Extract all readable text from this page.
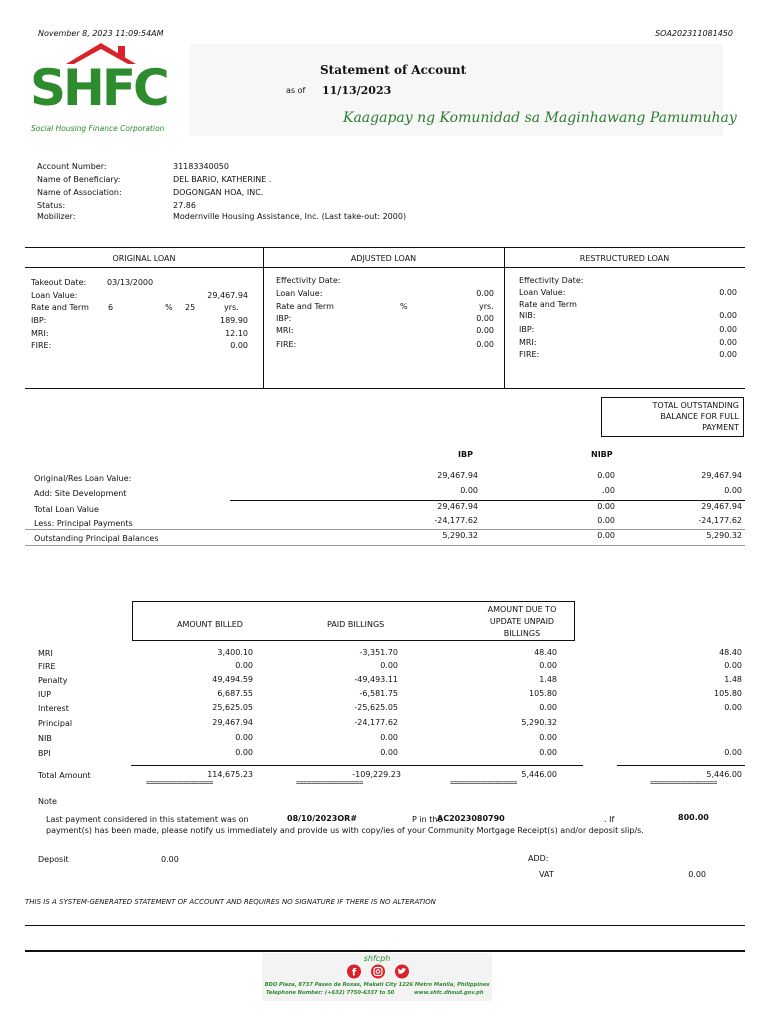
November 8, 2023 11:09:54AM	SOA202311081450
SHFC
Social Housing Finance Corporation
Statement of Account
as of 11/13/2023
Kaagapay ng Komunidad sa Maginhawang Pamumuhay
Account Number:	31183340050
Name of Beneficiary:	DEL BARIO, KATHERINE .
Name of Association:	DOGONGAN HOA, INC.
Status:	27.86
Mobilizer:	Modernville Housing Assistance, Inc. (Last take-out: 2000)
ORIGINAL LOAN	ADJUSTED LOAN	RESTRUCTURED LOAN
Takeout Date:	03/13/2000
Loan Value:	29,467.94
Rate and Term 6	% 25	yrs.
IBP:	189.90
MRI:	12.10
FIRE:	0.00
Effectivity Date:
Loan Value:	0.00
Rate and Term	%	yrs.
IBP:	0.00
MRI:	0.00
FIRE:	0.00
Effectivity Date:
Loan Value:	0.00
Rate and Term
NIB:	0.00
IBP:	0.00
MRI:	0.00
FIRE:	0.00
TOTAL OUTSTANDING
BALANCE FOR FULL
PAYMENT
IBP	NIBP
Original/Res Loan Value:	29,467.94	0.00	29,467.94
Add: Site Development	0.00	.00	0.00
Total Loan Value	29,467.94	0.00	29,467.94
Less: Principal Payments	-24,177.62	0.00	-24,177.62
Outstanding Principal Balances	5,290.32	0.00	5,290.32
AMOUNT BILLED	PAID BILLINGS
AMOUNT DUE TO
UPDATE UNPAID
BILLINGS
MRI	3,400.10	-3,351.70	48.40	48.40
FIRE	0.00	0.00	0.00	0.00
Penalty	49,494.59	-49,493.11	1.48	1.48
IUP	6,687.55	-6,581.75	105.80	105.80
Interest	25,625.05	-25,625.05	0.00	0.00
Principal	29,467.94	-24,177.62	5,290.32
NIB	0.00	0.00	0.00
BPI	0.00	0.00	0.00	0.00
Total Amount	114,675.23	-109,229.23	5,446.00	5,446.00
==================	==================	==================	==================
Note
Last payment considered in this statement was on	08/10/2023OR#	P in the
AC2023080790	. If	800.00
payment(s) has been made, please notify us immediately and provide us with copy/ies of your Community Mortgage Receipt(s) and/or deposit slip/s.
Deposit	0.00	ADD:
VAT	0.00
THIS IS A SYSTEM-GENERATED STATEMENT OF ACCOUNT AND REQUIRES NO SIGNATURE IF THERE IS NO ALTERATION
shfcph
f
BDO Plaza, 8737 Paseo de Roxas, Makati City 1226 Metro Manila, Philippines
Telephone Number: (+632) 7750-6337 to 50	www.shfc.dhsud.gov.ph
